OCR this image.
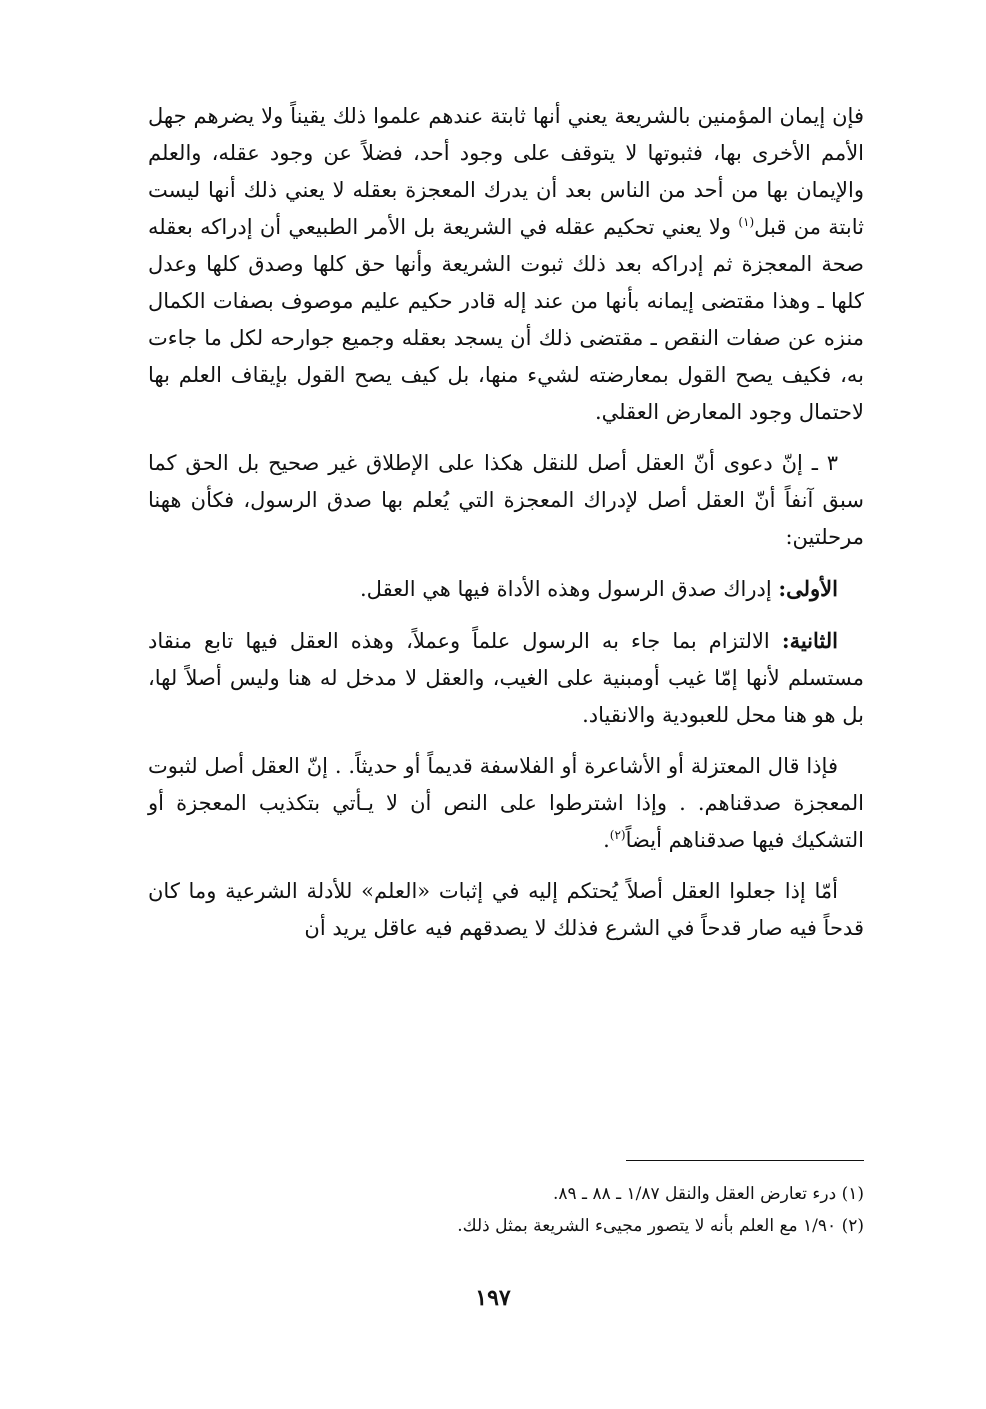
فإن إيمان المؤمنين بالشريعة يعني أنها ثابتة عندهم علموا ذلك يقيناً ولا يضرهم جهل الأمم الأخرى بها، فثبوتها لا يتوقف على وجود أحد، فضلاً عن وجود عقله، والعلم والإيمان بها من أحد من الناس بعد أن يدرك المعجزة بعقله لا يعني ذلك أنها ليست ثابتة من قبل$^{(١)}$ ولا يعني تحكيم عقله في الشريعة بل الأمر الطبيعي أن إدراكه بعقله صحة المعجزة ثم إدراكه بعد ذلك ثبوت الشريعة وأنها حق كلها وصدق كلها وعدل كلها ـ وهذا مقتضى إيمانه بأنها من عند إله قادر حكيم عليم موصوف بصفات الكمال منزه عن صفات النقص ـ مقتضى ذلك أن يسجد بعقله وجميع جوارحه لكل ما جاءت به، فكيف يصح القول بمعارضته لشيء منها، بل كيف يصح القول بإيقاف العلم بها لاحتمال وجود المعارض العقلي.

٣ ـ إنّ دعوى أنّ العقل أصل للنقل هكذا على الإطلاق غير صحيح بل الحق كما سبق آنفاً أنّ العقل أصل لإدراك المعجزة التي يُعلم بها صدق الرسول، فكأن ههنا مرحلتين:

الأولى: إدراك صدق الرسول وهذه الأداة فيها هي العقل.

الثانية: الالتزام بما جاء به الرسول علماً وعملاً، وهذه العقل فيها تابع منقاد مستسلم لأنها إمّا غيب أومبنية على الغيب، والعقل لا مدخل له هنا وليس أصلاً لها، بل هو هنا محل للعبودية والانقياد.

فإذا قال المعتزلة أو الأشاعرة أو الفلاسفة قديماً أو حديثاً. . إنّ العقل أصل لثبوت المعجزة صدقناهم. . وإذا اشترطوا على النص أن لا يـأتي بتكذيب المعجزة أو التشكيك فيها صدقناهم أيضاً$^{(٢)}$.

أمّا إذا جعلوا العقل أصلاً يُحتكم إليه في إثبات «العلم» للأدلة الشرعية وما كان قدحاً فيه صار قدحاً في الشرع فذلك لا يصدقهم فيه عاقل يريد أن

(١) درء تعارض العقل والنقل ١/٨٧ ـ ٨٨ ـ ٨٩.

(٢) ١/٩٠ مع العلم بأنه لا يتصور مجيىء الشريعة بمثل ذلك.

١٩٧
